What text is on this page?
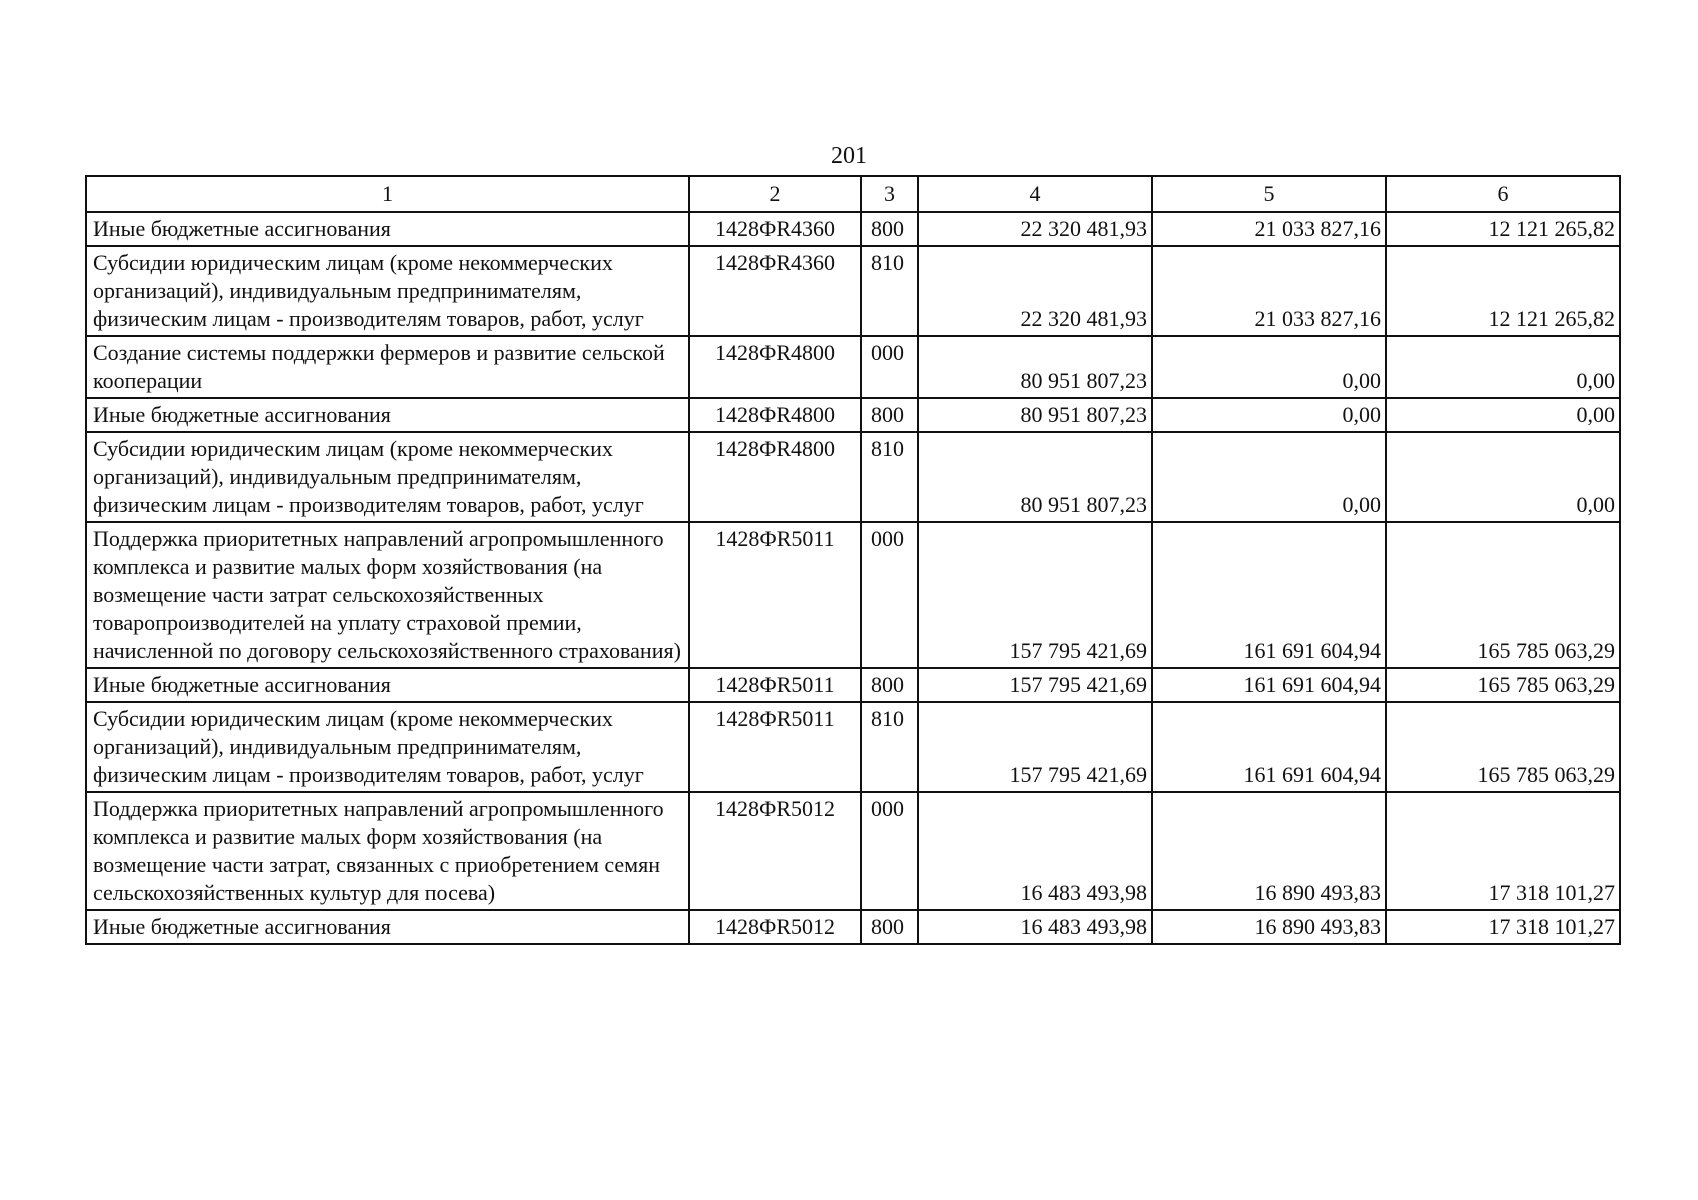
201
1	2	3	4	5	6
Иные бюджетные ассигнования	1428ФR4360	800	22 320 481,93	21 033 827,16	12 121 265,82
Субсидии юридическим лицам (кроме некоммерческих организаций), индивидуальным предпринимателям, физическим лицам - производителям товаров, работ, услуг	1428ФR4360	810	22 320 481,93	21 033 827,16	12 121 265,82
Создание системы поддержки фермеров и развитие сельской кооперации	1428ФR4800	000	80 951 807,23	0,00	0,00
Иные бюджетные ассигнования	1428ФR4800	800	80 951 807,23	0,00	0,00
Субсидии юридическим лицам (кроме некоммерческих организаций), индивидуальным предпринимателям, физическим лицам - производителям товаров, работ, услуг	1428ФR4800	810	80 951 807,23	0,00	0,00
Поддержка приоритетных направлений агропромышленного комплекса и развитие малых форм хозяйствования (на возмещение части затрат сельскохозяйственных товаропроизводителей на уплату страховой премии, начисленной по договору сельскохозяйственного страхования)	1428ФR5011	000	157 795 421,69	161 691 604,94	165 785 063,29
Иные бюджетные ассигнования	1428ФR5011	800	157 795 421,69	161 691 604,94	165 785 063,29
Субсидии юридическим лицам (кроме некоммерческих организаций), индивидуальным предпринимателям, физическим лицам - производителям товаров, работ, услуг	1428ФR5011	810	157 795 421,69	161 691 604,94	165 785 063,29
Поддержка приоритетных направлений агропромышленного комплекса и развитие малых форм хозяйствования (на возмещение части затрат, связанных с приобретением семян сельскохозяйственных культур для посева)	1428ФR5012	000	16 483 493,98	16 890 493,83	17 318 101,27
Иные бюджетные ассигнования	1428ФR5012	800	16 483 493,98	16 890 493,83	17 318 101,27
